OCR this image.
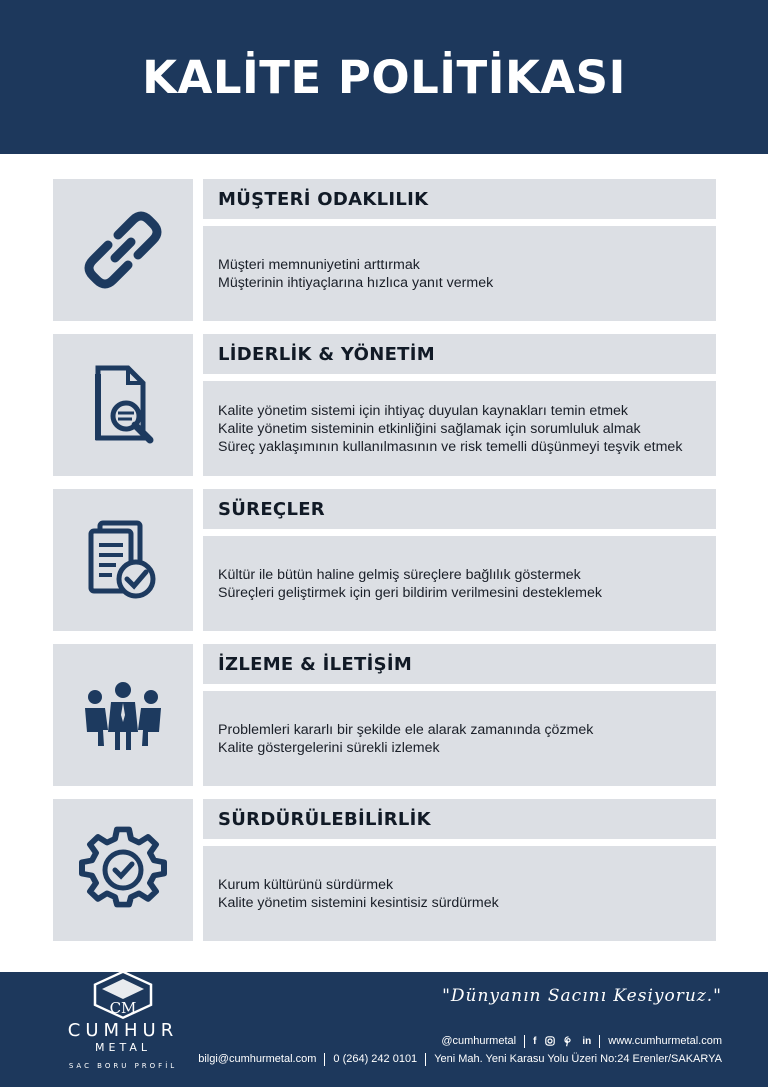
KALİTE POLİTİKASI
MÜŞTERİ ODAKLILIK
Müşteri memnuniyetini arttırmak
Müşterinin ihtiyaçlarına hızlıca yanıt vermek
LİDERLİK & YÖNETİM
Kalite yönetim sistemi için ihtiyaç duyulan kaynakları temin etmek
Kalite yönetim sisteminin etkinliğini sağlamak için sorumluluk almak
Süreç yaklaşımının kullanılmasının ve risk temelli düşünmeyi teşvik etmek
SÜREÇLER
Kültür ile bütün haline gelmiş süreçlere bağlılık göstermek
Süreçleri geliştirmek için geri bildirim verilmesini desteklemek
İZLEME & İLETİŞİM
Problemleri kararlı bir şekilde ele alarak zamanında çözmek
Kalite göstergelerini sürekli izlemek
SÜRDÜRÜLEBİLİRLİK
Kurum kültürünü sürdürmek
Kalite yönetim sistemini kesintisiz sürdürmek
CM
CUMHUR
METAL
SAC BORU PROFİL
"Dünyanın Sacını Kesiyoruz."
@cumhurmetal f	in www.cumhurmetal.com
bilgi@cumhurmetal.com 0 (264) 242 0101 Yeni Mah. Yeni Karasu Yolu Üzeri No:24 Erenler/SAKARYA
